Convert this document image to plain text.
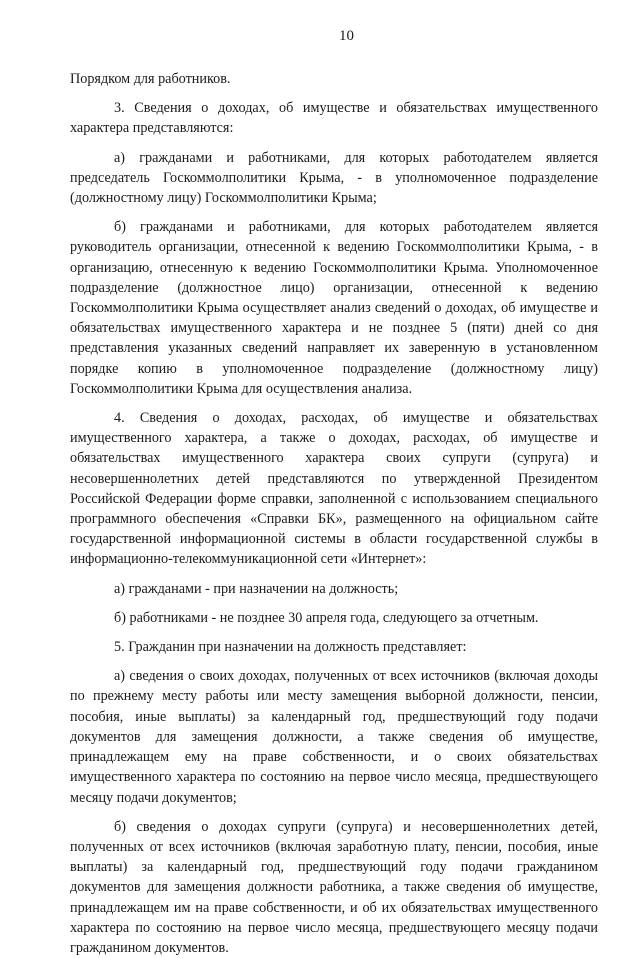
10

Порядком для работников.

3. Сведения о доходах, об имуществе и обязательствах имущественного характера представляются:

а) гражданами и работниками, для которых работодателем является председатель Госкоммолполитики Крыма, - в уполномоченное подразделение (должностному лицу) Госкоммолполитики Крыма;

б) гражданами и работниками, для которых работодателем является руководитель организации, отнесенной к ведению Госкоммолполитики Крыма, - в организацию, отнесенную к ведению Госкоммолполитики Крыма. Уполномоченное подразделение (должностное лицо) организации, отнесенной к ведению Госкоммолполитики Крыма осуществляет анализ сведений о доходах, об имуществе и обязательствах имущественного характера и не позднее 5 (пяти) дней со дня представления указанных сведений направляет их заверенную в установленном порядке копию в уполномоченное подразделение (должностному лицу) Госкоммолполитики Крыма для осуществления анализа.

4. Сведения о доходах, расходах, об имуществе и обязательствах имущественного характера, а также о доходах, расходах, об имуществе и обязательствах имущественного характера своих супруги (супруга) и несовершеннолетних детей представляются по утвержденной Президентом Российской Федерации форме справки, заполненной с использованием специального программного обеспечения «Справки БК», размещенного на официальном сайте государственной информационной системы в области государственной службы в информационно-телекоммуникационной сети «Интернет»:

а) гражданами - при назначении на должность;

б) работниками - не позднее 30 апреля года, следующего за отчетным.

5. Гражданин при назначении на должность представляет:

а) сведения о своих доходах, полученных от всех источников (включая доходы по прежнему месту работы или месту замещения выборной должности, пенсии, пособия, иные выплаты) за календарный год, предшествующий году подачи документов для замещения должности, а также сведения об имуществе, принадлежащем ему на праве собственности, и о своих обязательствах имущественного характера по состоянию на первое число месяца, предшествующего месяцу подачи документов;

б) сведения о доходах супруги (супруга) и несовершеннолетних детей, полученных от всех источников (включая заработную плату, пенсии, пособия, иные выплаты) за календарный год, предшествующий году подачи гражданином документов для замещения должности работника, а также сведения об имуществе, принадлежащем им на праве собственности, и об их обязательствах имущественного характера по состоянию на первое число месяца, предшествующего месяцу подачи гражданином документов.
